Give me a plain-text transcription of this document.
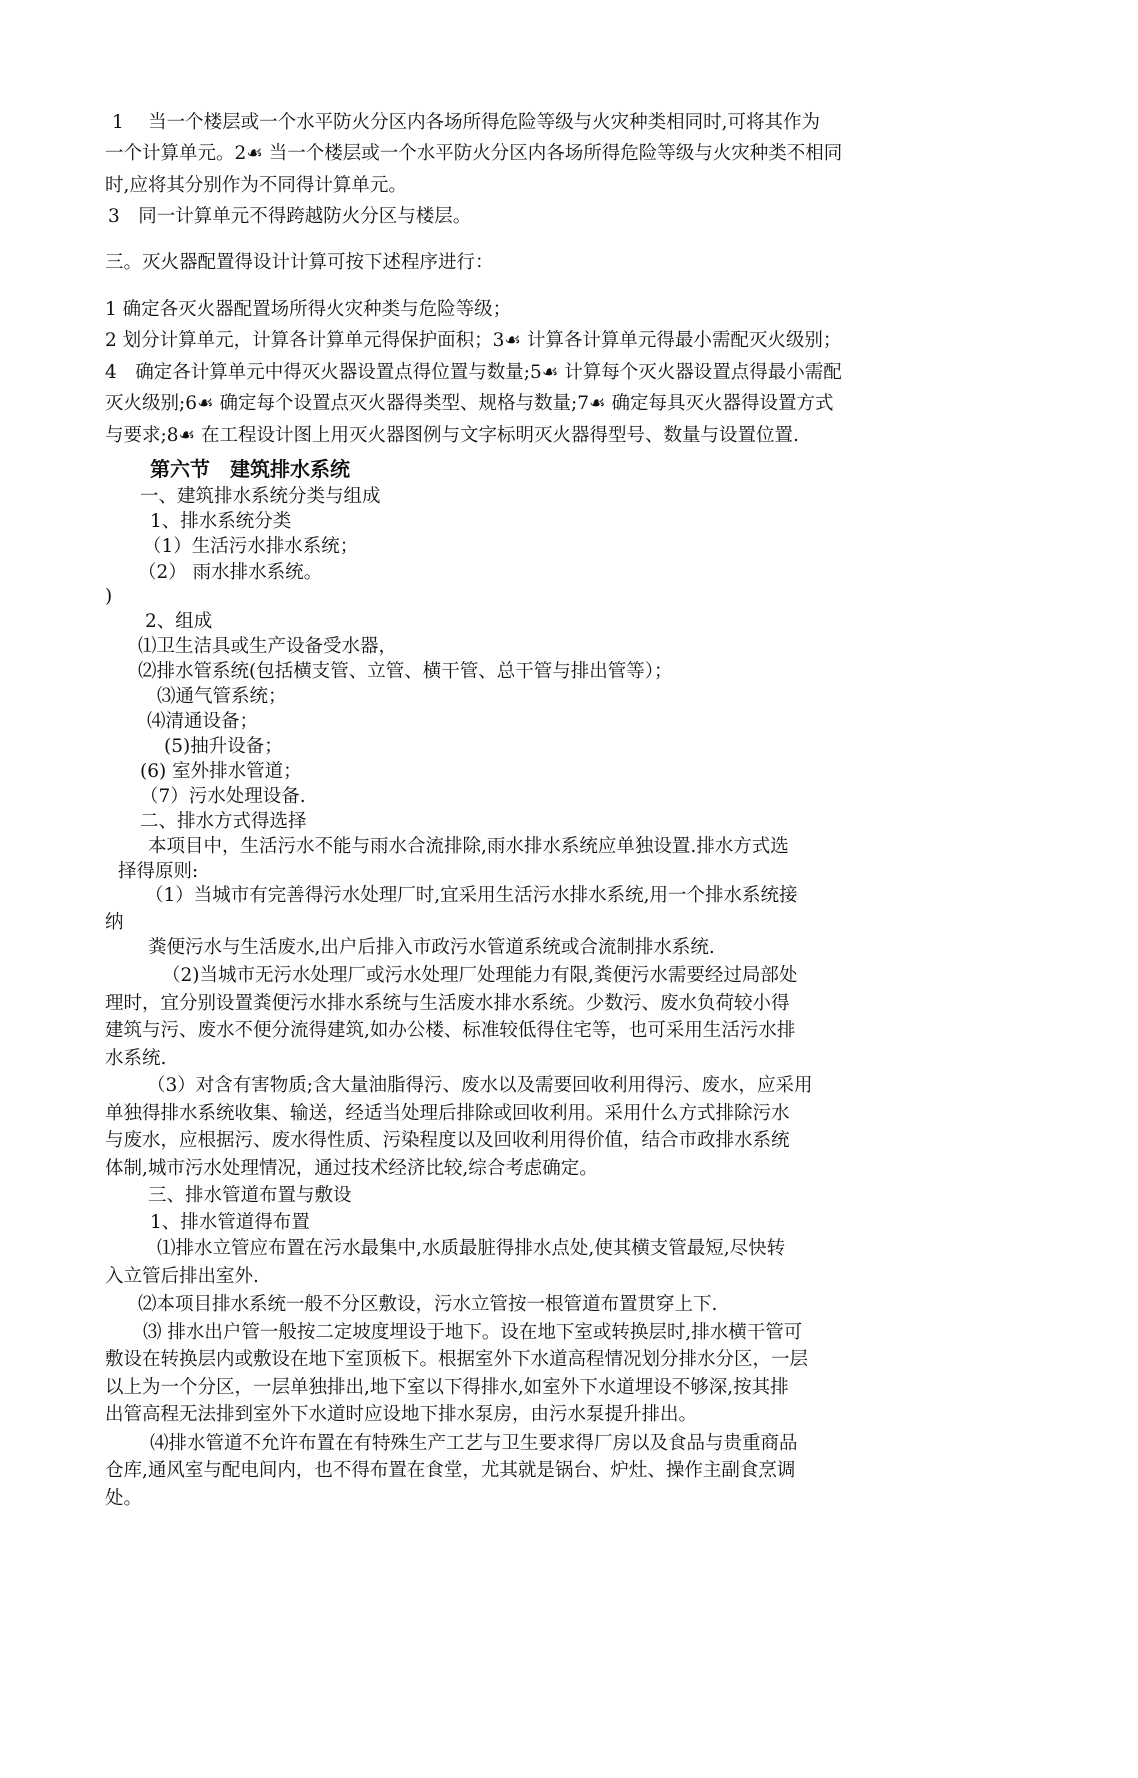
1　 当一个楼层或一个水平防火分区内各场所得危险等级与火灾种类相同时,可将其作为

一个计算单元。2☙ 当一个楼层或一个水平防火分区内各场所得危险等级与火灾种类不相同

时,应将其分别作为不同得计算单元。

3　同一计算单元不得跨越防火分区与楼层。

三。灭火器配置得设计计算可按下述程序进行：

1 确定各灭火器配置场所得火灾种类与危险等级；

2 划分计算单元，计算各计算单元得保护面积；3☙ 计算各计算单元得最小需配灭火级别；

4　确定各计算单元中得灭火器设置点得位置与数量;5☙ 计算每个灭火器设置点得最小需配

灭火级别;6☙ 确定每个设置点灭火器得类型、规格与数量;7☙ 确定每具灭火器得设置方式

与要求;8☙ 在工程设计图上用灭火器图例与文字标明灭火器得型号、数量与设置位置.

第六节　建筑排水系统

一、建筑排水系统分类与组成

1、排水系统分类

（1）生活污水排水系统；

（2） 雨水排水系统。

)

2、组成

⑴卫生洁具或生产设备受水器，

⑵排水管系统(包括横支管、立管、横干管、总干管与排出管等）；

⑶通气管系统；

⑷清通设备；

(5)抽升设备；

(6) 室外排水管道；

（7）污水处理设备.

二、排水方式得选择

本项目中，生活污水不能与雨水合流排除,雨水排水系统应单独设置.排水方式选

择得原则:

（1）当城市有完善得污水处理厂时,宜采用生活污水排水系统,用一个排水系统接

纳

粪便污水与生活废水,出户后排入市政污水管道系统或合流制排水系统.

（2)当城市无污水处理厂或污水处理厂处理能力有限,粪便污水需要经过局部处

理时，宜分别设置粪便污水排水系统与生活废水排水系统。少数污、废水负荷较小得

建筑与污、废水不便分流得建筑,如办公楼、标准较低得住宅等，也可采用生活污水排

水系统.

（3）对含有害物质;含大量油脂得污、废水以及需要回收利用得污、废水，应采用

单独得排水系统收集、输送，经适当处理后排除或回收利用。采用什么方式排除污水

与废水，应根据污、废水得性质、污染程度以及回收利用得价值，结合市政排水系统

体制,城市污水处理情况，通过技术经济比较,综合考虑确定。

三、排水管道布置与敷设

1、排水管道得布置

⑴排水立管应布置在污水最集中,水质最脏得排水点处,使其横支管最短,尽快转

入立管后排出室外.

⑵本项目排水系统一般不分区敷设，污水立管按一根管道布置贯穿上下.

⑶ 排水出户管一般按二定坡度埋设于地下。设在地下室或转换层时,排水横干管可

敷设在转换层内或敷设在地下室顶板下。根据室外下水道高程情况划分排水分区，一层

以上为一个分区，一层单独排出,地下室以下得排水,如室外下水道埋设不够深,按其排

出管高程无法排到室外下水道时应设地下排水泵房，由污水泵提升排出。

⑷排水管道不允许布置在有特殊生产工艺与卫生要求得厂房以及食品与贵重商品

仓库,通风室与配电间内，也不得布置在食堂，尤其就是锅台、炉灶、操作主副食烹调

处。
